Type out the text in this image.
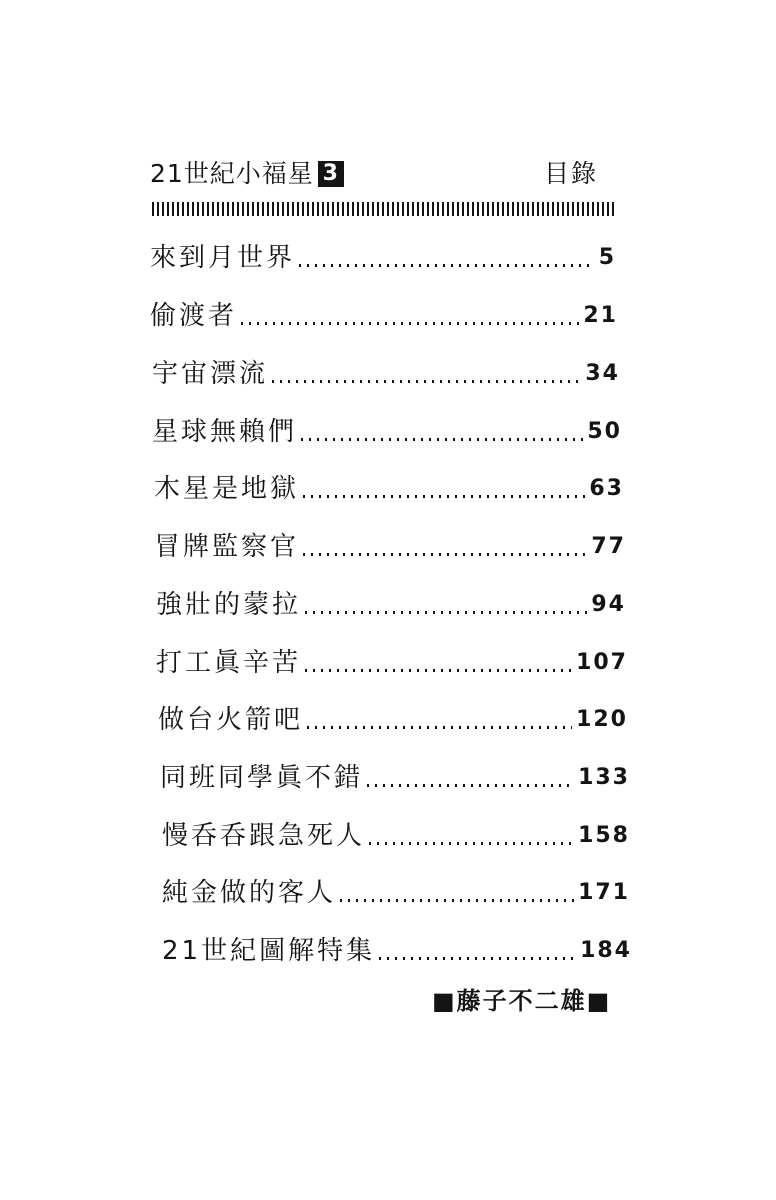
21世紀小福星 3	目錄
來到月世界	5
偷渡者	21
宇宙漂流	34
星球無賴們	50
木星是地獄	63
冒牌監察官	77
強壯的蒙拉	94
打工眞辛苦	107
做台火箭吧	120
同班同學眞不錯	133
慢呑呑跟急死人	158
純金做的客人	171
21世紀圖解特集	184
■藤子不二雄■
